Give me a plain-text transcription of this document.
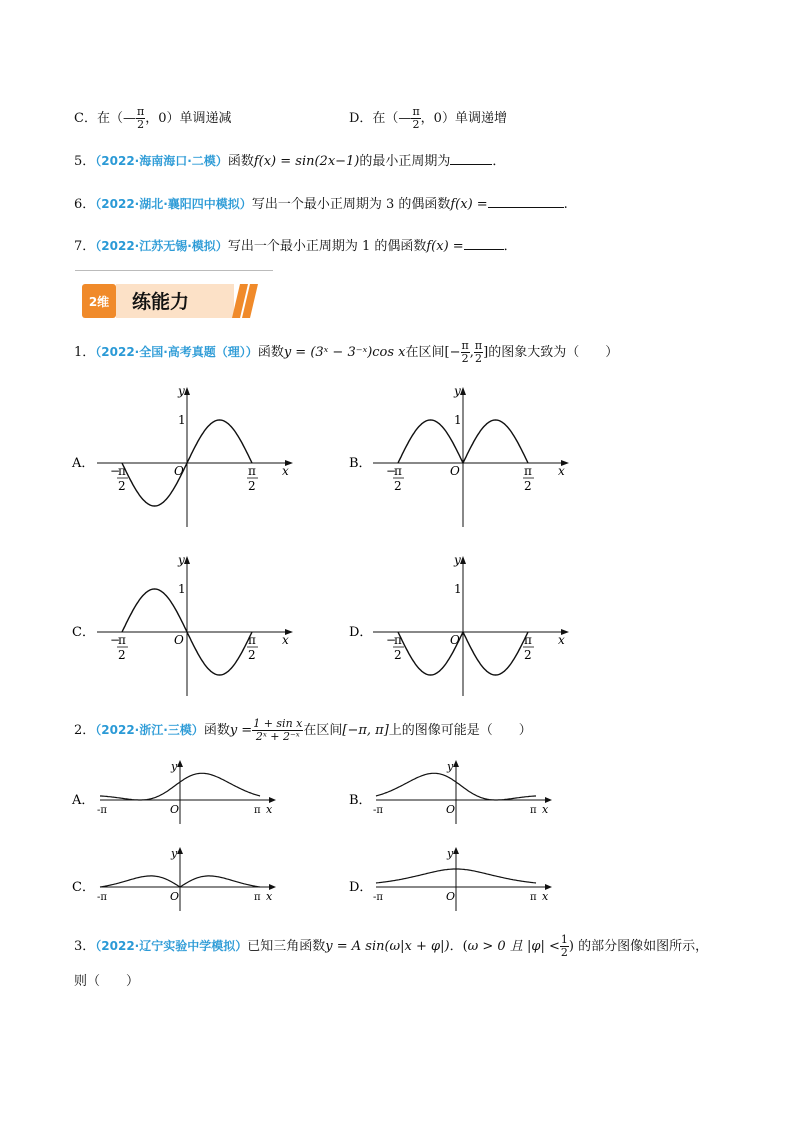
C．在（— $\frac{\pi}{2}$ ，0）单调递减	D．在（— $\frac{\pi}{2}$ ，0）单调递增
5．（2022·海南海口·二模）函数f(x) = sin(2x−1)的最小正周期为	．
6．（2022·湖北·襄阳四中模拟）写出一个最小正周期为 3 的偶函数f(x) =	.
7．（2022·江苏无锡·模拟）写出一个最小正周期为 1 的偶函数f(x) =	．
2维	练能力
1．（2022·全国·高考真题（理））函数y = (3ˣ − 3⁻ˣ)cos x在区间[− $\frac{\pi}{2}$ , $\frac{\pi}{2}$ ]的图象大致为（　　）
A．
y
x
O
1
−
π
2
π
2
B．
y
x
O
1
−
π
2
π
2
C．
y
x
O
1
−
π
2
π
2
D．
y
x
O
1
−
π
2
π
2
2．（2022·浙江·三模）函数$y = \frac{\text{1 + sin x}}{\text{2ˣ + 2⁻ˣ}}$ 在区间[−π, π]上的图像可能是（　　）
A．
y
x
O
-π	π
B．
y
x
O
-π	π
C．
y
x
O
-π	π
D．
y
x
O
-π	π
3．（2022·辽宁实验中学模拟）已知三角函数y = A sin(ω|x + φ|)．(ω > 0 且 $|\varphi| < \frac{1}{2}$ ) 的部分图像如图所示，
则（　　）
